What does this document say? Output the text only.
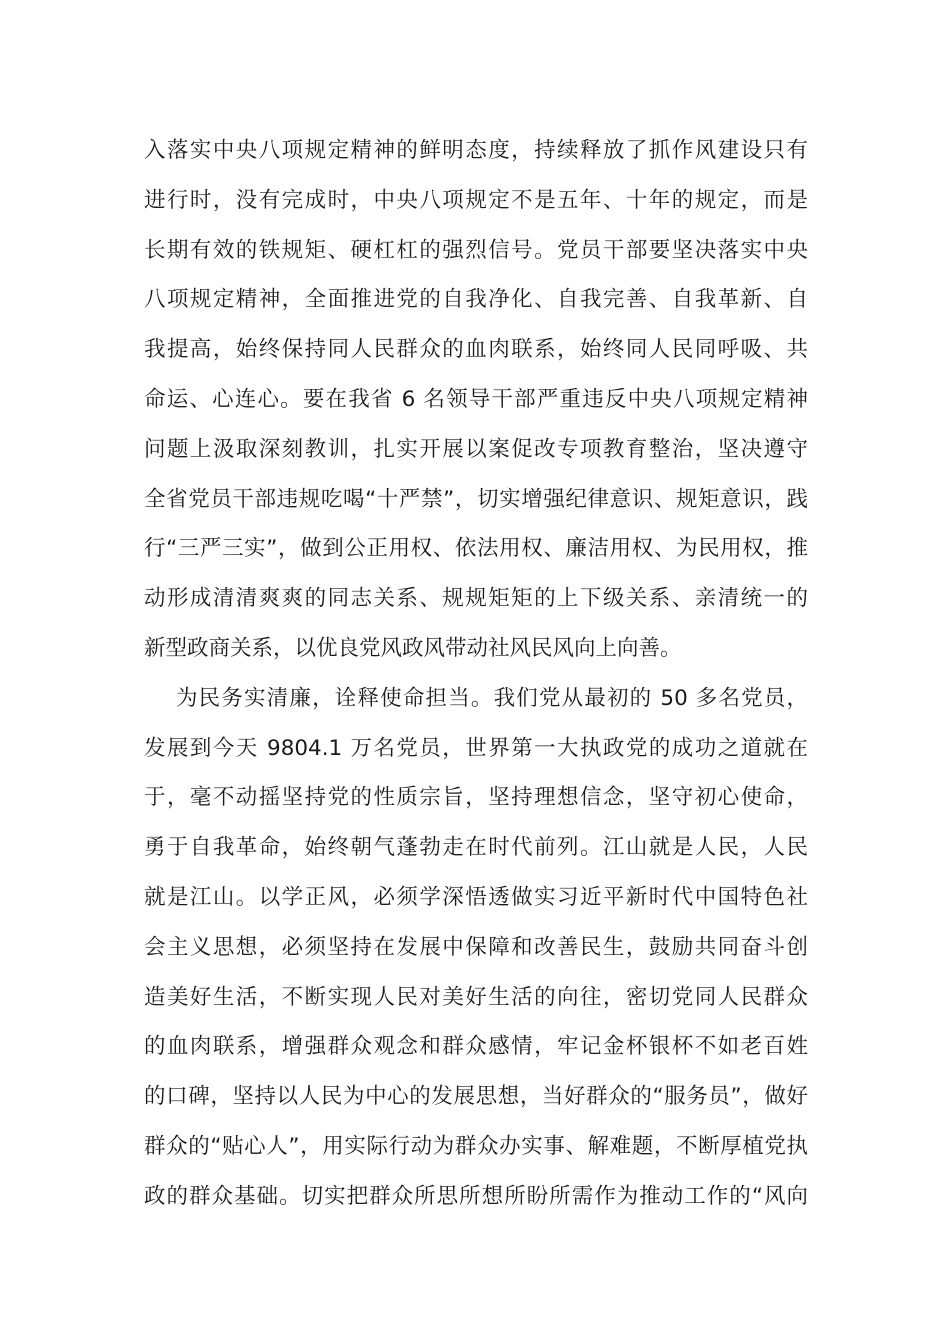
入落实中央八项规定精神的鲜明态度，持续释放了抓作风建设只有
进行时，没有完成时，中央八项规定不是五年、十年的规定，而是
长期有效的铁规矩、硬杠杠的强烈信号。党员干部要坚决落实中央
八项规定精神，全面推进党的自我净化、自我完善、自我革新、自
我提高，始终保持同人民群众的血肉联系，始终同人民同呼吸、共
命运、心连心。要在我省 6 名领导干部严重违反中央八项规定精神
问题上汲取深刻教训，扎实开展以案促改专项教育整治，坚决遵守
全省党员干部违规吃喝“十严禁”，切实增强纪律意识、规矩意识，践
行“三严三实”，做到公正用权、依法用权、廉洁用权、为民用权，推
动形成清清爽爽的同志关系、规规矩矩的上下级关系、亲清统一的
新型政商关系，以优良党风政风带动社风民风向上向善。
为民务实清廉，诠释使命担当。我们党从最初的 50 多名党员，
发展到今天 9804.1 万名党员，世界第一大执政党的成功之道就在
于，毫不动摇坚持党的性质宗旨，坚持理想信念，坚守初心使命，
勇于自我革命，始终朝气蓬勃走在时代前列。江山就是人民，人民
就是江山。以学正风，必须学深悟透做实习近平新时代中国特色社
会主义思想，必须坚持在发展中保障和改善民生，鼓励共同奋斗创
造美好生活，不断实现人民对美好生活的向往，密切党同人民群众
的血肉联系，增强群众观念和群众感情，牢记金杯银杯不如老百姓
的口碑，坚持以人民为中心的发展思想，当好群众的“服务员”，做好
群众的“贴心人”，用实际行动为群众办实事、解难题，不断厚植党执
政的群众基础。切实把群众所思所想所盼所需作为推动工作的“风向
